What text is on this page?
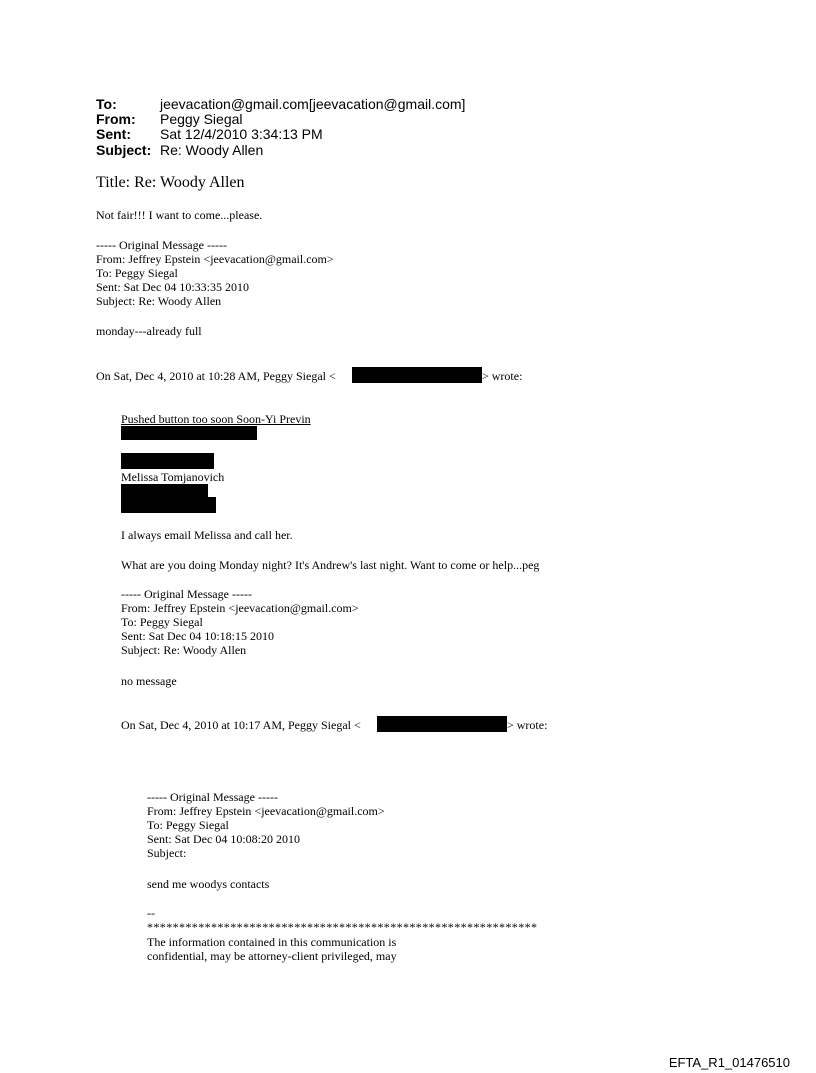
To:	jeevacation@gmail.com[jeevacation@gmail.com]
From: Peggy Siegal
Sent: Sat 12/4/2010 3:34:13 PM
Subject: Re: Woody Allen
Title: Re: Woody Allen
Not fair!!! I want to come...please.
----- Original Message -----
From: Jeffrey Epstein <jeevacation@gmail.com>
To: Peggy Siegal
Sent: Sat Dec 04 10:33:35 2010
Subject: Re: Woody Allen
monday---already full
On Sat, Dec 4, 2010 at 10:28 AM, Peggy Siegal <	> wrote:
Pushed button too soon Soon-Yi Previn
Melissa Tomjanovich
I always email Melissa and call her.
What are you doing Monday night? It's Andrew's last night. Want to come or help...peg
----- Original Message -----
From: Jeffrey Epstein <jeevacation@gmail.com>
To: Peggy Siegal
Sent: Sat Dec 04 10:18:15 2010
Subject: Re: Woody Allen
no message
On Sat, Dec 4, 2010 at 10:17 AM, Peggy Siegal <	> wrote:
----- Original Message -----
From: Jeffrey Epstein <jeevacation@gmail.com>
To: Peggy Siegal
Sent: Sat Dec 04 10:08:20 2010
Subject:
send me woodys contacts
--
*************************************************************
The information contained in this communication is
confidential, may be attorney-client privileged, may
EFTA_R1_01476510
